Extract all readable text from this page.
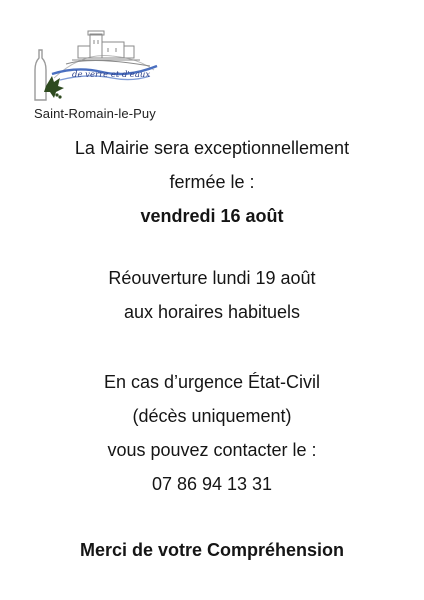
de verre et d'eaux
Saint-Romain-le-Puy
La Mairie sera exceptionnellement
fermée le :
vendredi 16 août
Réouverture lundi 19 août
aux horaires habituels
En cas d’urgence État-Civil
(décès uniquement)
vous pouvez contacter le :
07 86 94 13 31
Merci de votre Compréhension
